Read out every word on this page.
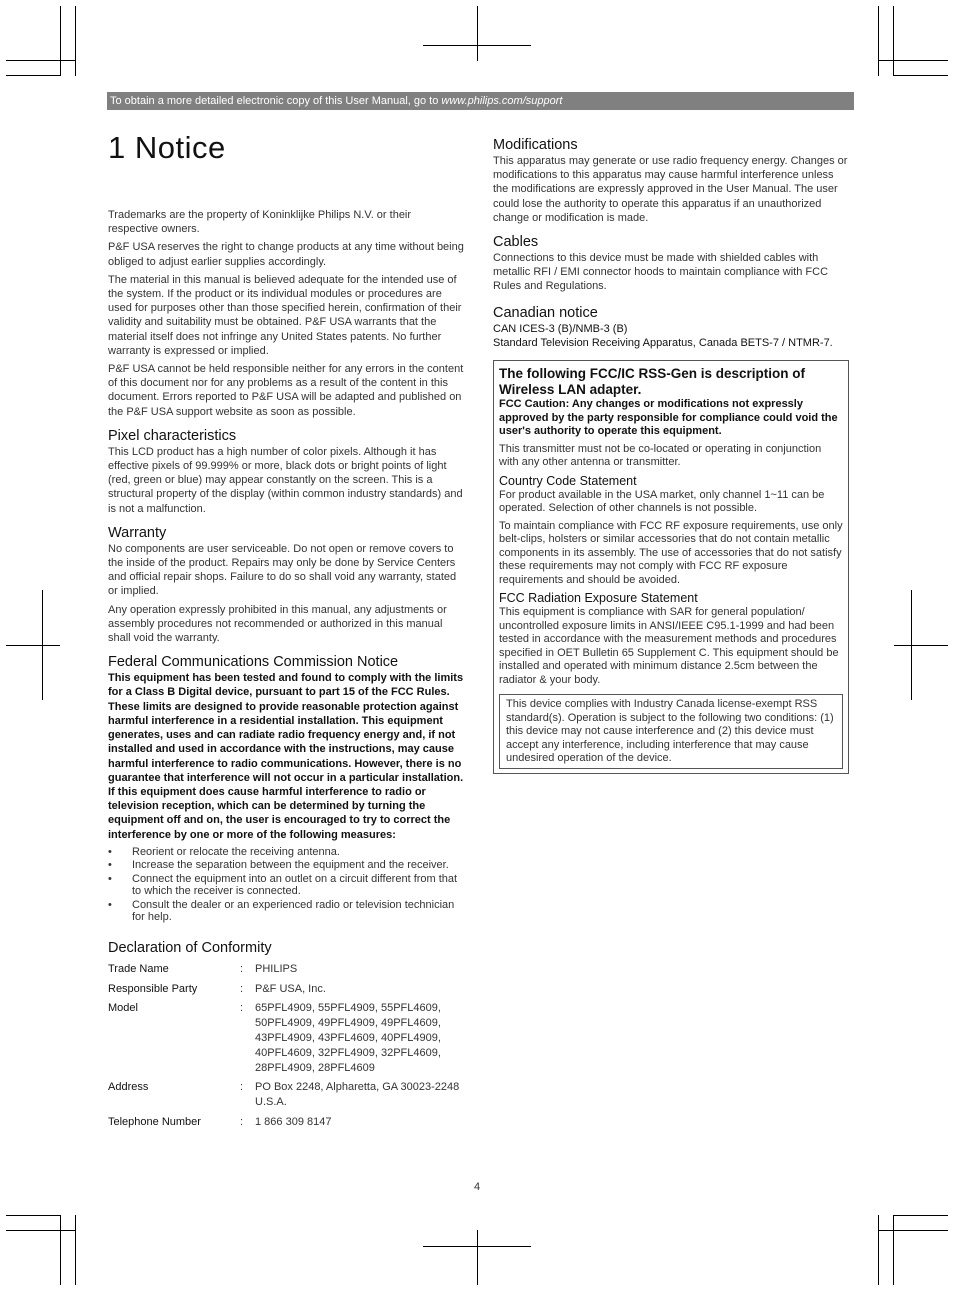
To obtain a more detailed electronic copy of this User Manual, go to www.philips.com/support
1 Notice

Trademarks are the property of Koninklijke Philips N.V. or their respective owners.

P&F USA reserves the right to change products at any time without being obliged to adjust earlier supplies accordingly.

The material in this manual is believed adequate for the intended use of the system. If the product or its individual modules or procedures are used for purposes other than those specified herein, confirmation of their validity and suitability must be obtained. P&F USA warrants that the material itself does not infringe any United States patents. No further warranty is expressed or implied.

P&F USA cannot be held responsible neither for any errors in the content of this document nor for any problems as a result of the content in this document. Errors reported to P&F USA will be adapted and published on the P&F USA support website as soon as possible.

Pixel characteristics

This LCD product has a high number of color pixels. Although it has effective pixels of 99.999% or more, black dots or bright points of light (red, green or blue) may appear constantly on the screen. This is a structural property of the display (within common industry standards) and is not a malfunction.

Warranty

No components are user serviceable. Do not open or remove covers to the inside of the product. Repairs may only be done by Service Centers and official repair shops. Failure to do so shall void any warranty, stated or implied.

Any operation expressly prohibited in this manual, any adjustments or assembly procedures not recommended or authorized in this manual shall void the warranty.

Federal Communications Commission Notice

This equipment has been tested and found to comply with the limits for a Class B Digital device, pursuant to part 15 of the FCC Rules. These limits are designed to provide reasonable protection against harmful interference in a residential installation. This equipment generates, uses and can radiate radio frequency energy and, if not installed and used in accordance with the instructions, may cause harmful interference to radio communications. However, there is no guarantee that interference will not occur in a particular installation. If this equipment does cause harmful interference to radio or television reception, which can be determined by turning the equipment off and on, the user is encouraged to try to correct the interference by one or more of the following measures:

• Reorient or relocate the receiving antenna.
• Increase the separation between the equipment and the receiver.
• Connect the equipment into an outlet on a circuit different from that to which the receiver is connected.
• Consult the dealer or an experienced radio or television technician for help.
Declaration of Conformity
Trade Name	:	PHILIPS
Responsible Party	:	P&F USA, Inc.
Model	:	65PFL4909, 55PFL4909, 55PFL4609, 50PFL4909, 49PFL4909, 49PFL4609, 43PFL4909, 43PFL4609, 40PFL4909, 40PFL4609, 32PFL4909, 32PFL4609, 28PFL4909, 28PFL4609
Address	:	PO Box 2248, Alpharetta, GA 30023-2248 U.S.A.
Telephone Number	:	1 866 309 8147
Modifications

This apparatus may generate or use radio frequency energy. Changes or modifications to this apparatus may cause harmful interference unless the modifications are expressly approved in the User Manual. The user could lose the authority to operate this apparatus if an unauthorized change or modification is made.

Cables

Connections to this device must be made with shielded cables with metallic RFI / EMI connector hoods to maintain compliance with FCC Rules and Regulations.

Canadian notice

CAN ICES-3 (B)/NMB-3 (B)

Standard Television Receiving Apparatus, Canada BETS-7 / NTMR-7.

The following FCC/IC RSS-Gen is description of Wireless LAN adapter.

FCC Caution: Any changes or modifications not expressly approved by the party responsible for compliance could void the user's authority to operate this equipment.

This transmitter must not be co-located or operating in conjunction with any other antenna or transmitter.

Country Code Statement

For product available in the USA market, only channel 1~11 can be operated. Selection of other channels is not possible.

To maintain compliance with FCC RF exposure requirements, use only belt-clips, holsters or similar accessories that do not contain metallic components in its assembly. The use of accessories that do not satisfy these requirements may not comply with FCC RF exposure requirements and should be avoided.

FCC Radiation Exposure Statement

This equipment is compliance with SAR for general population/ uncontrolled exposure limits in ANSI/IEEE C95.1-1999 and had been tested in accordance with the measurement methods and procedures specified in OET Bulletin 65 Supplement C. This equipment should be installed and operated with minimum distance 2.5cm between the radiator & your body.

This device complies with Industry Canada license-exempt RSS standard(s). Operation is subject to the following two conditions: (1) this device may not cause interference and (2) this device must accept any interference, including interference that may cause undesired operation of the device.

4
